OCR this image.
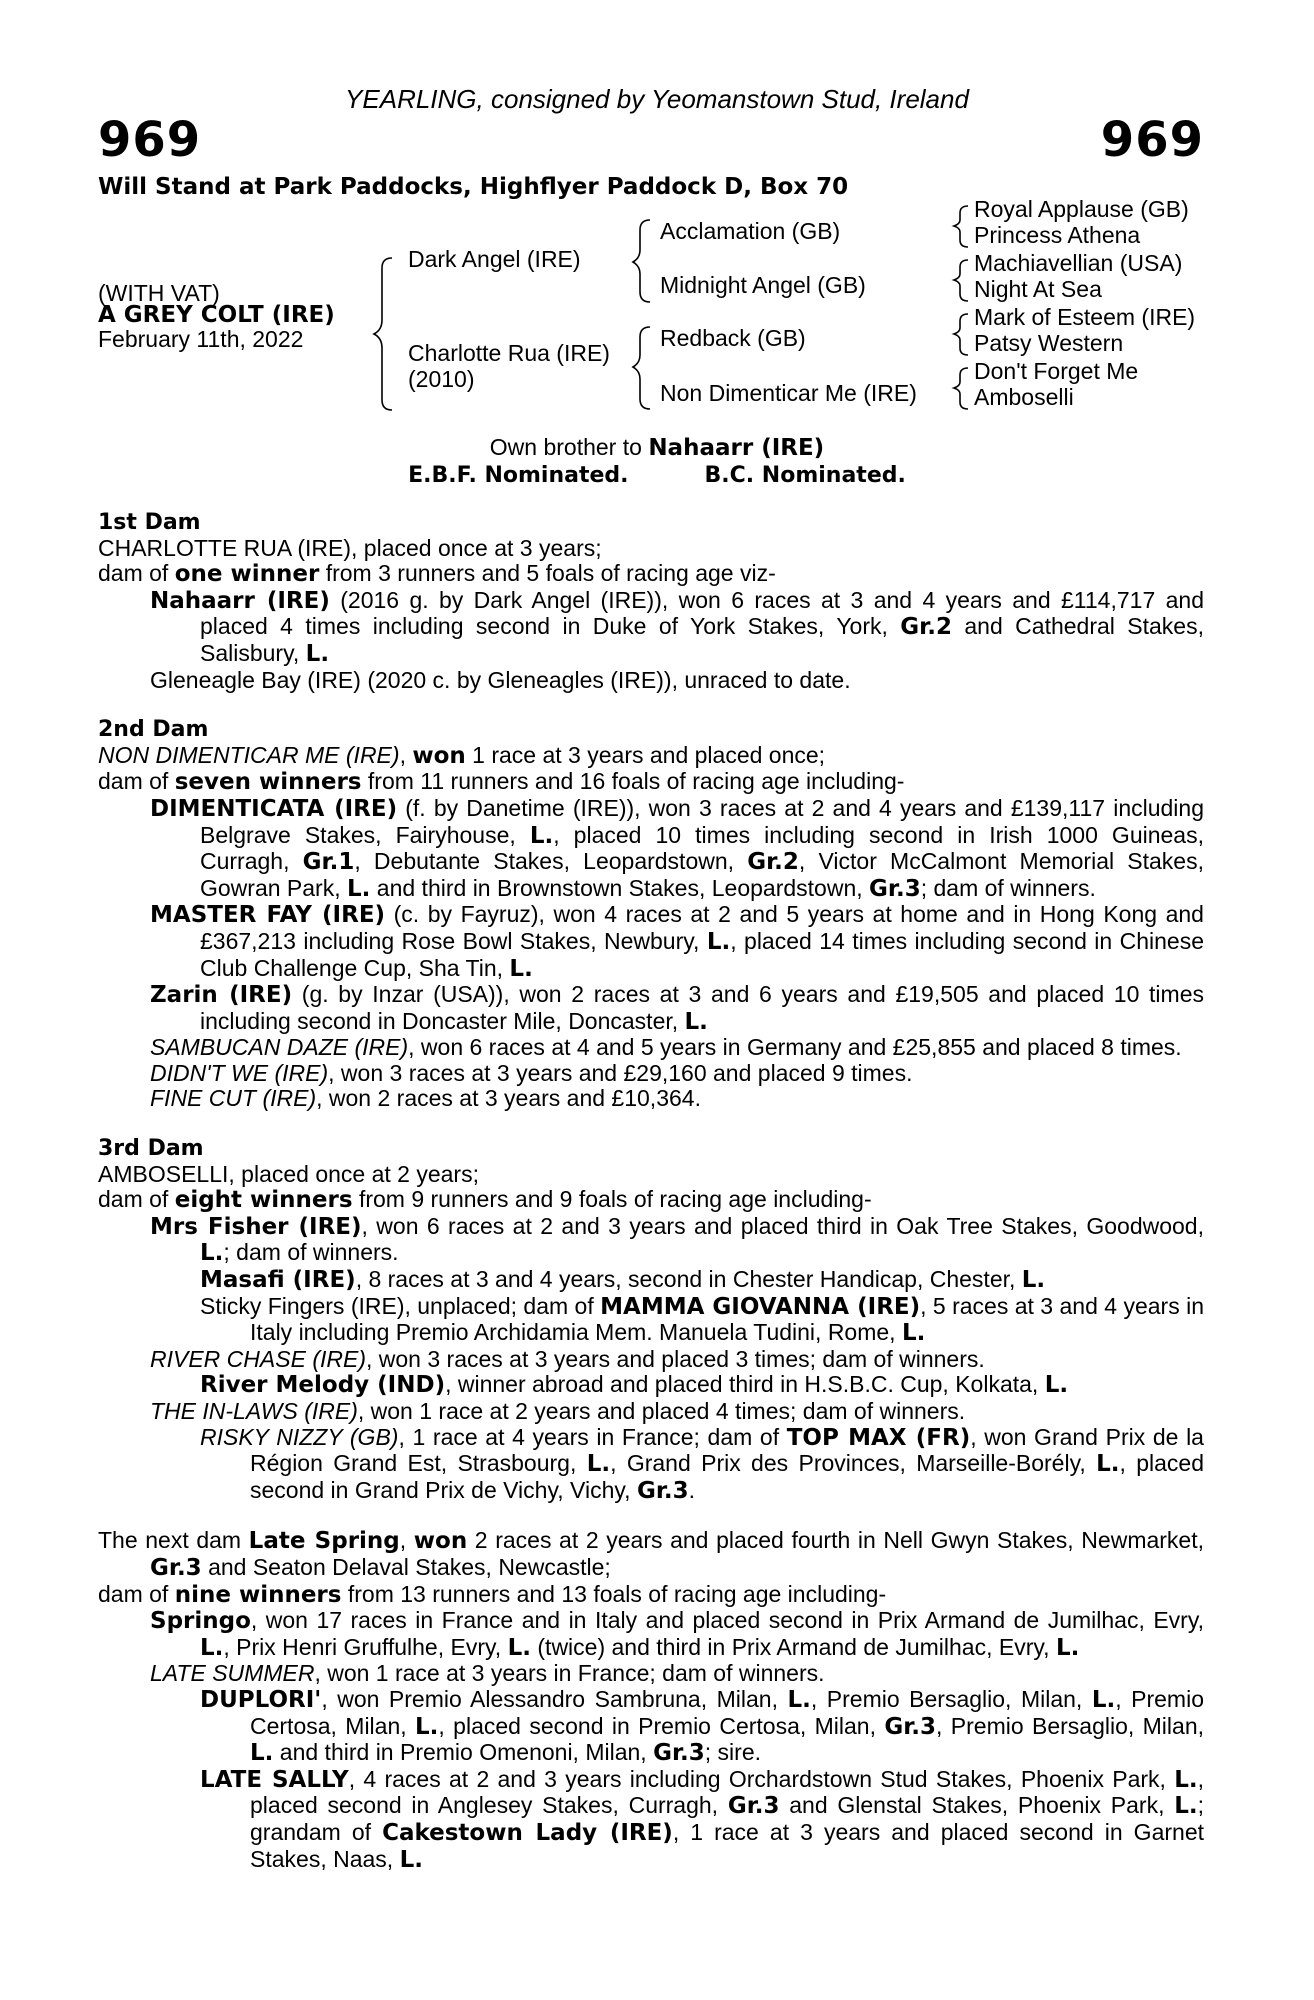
YEARLING, consigned by Yeomanstown Stud, Ireland
969	969
Will Stand at Park Paddocks, Highflyer Paddock D, Box 70
(WITH VAT)
A GREY COLT (IRE)
February 11th, 2022
Dark Angel (IRE)
Charlotte Rua (IRE)
(2010)
Acclamation (GB)
Midnight Angel (GB)
Redback (GB)
Non Dimenticar Me (IRE)
Royal Applause (GB)
Princess Athena
Machiavellian (USA)
Night At Sea
Mark of Esteem (IRE)
Patsy Western
Don't Forget Me
Amboselli
Own brother to Nahaarr (IRE)
E.B.F. Nominated.	B.C. Nominated.

1st Dam

CHARLOTTE RUA (IRE), placed once at 3 years;

dam of one winner from 3 runners and 5 foals of racing age viz-

Nahaarr (IRE) (2016 g. by Dark Angel (IRE)), won 6 races at 3 and 4 years and £114,717 and placed 4 times including second in Duke of York Stakes, York, Gr.2 and Cathedral Stakes, Salisbury, L.

Gleneagle Bay (IRE) (2020 c. by Gleneagles (IRE)), unraced to date.

2nd Dam

NON DIMENTICAR ME (IRE), won 1 race at 3 years and placed once;

dam of seven winners from 11 runners and 16 foals of racing age including-

DIMENTICATA (IRE) (f. by Danetime (IRE)), won 3 races at 2 and 4 years and £139,117 including Belgrave Stakes, Fairyhouse, L., placed 10 times including second in Irish 1000 Guineas, Curragh, Gr.1, Debutante Stakes, Leopardstown, Gr.2, Victor McCalmont Memorial Stakes, Gowran Park, L. and third in Brownstown Stakes, Leopardstown, Gr.3; dam of winners.

MASTER FAY (IRE) (c. by Fayruz), won 4 races at 2 and 5 years at home and in Hong Kong and £367,213 including Rose Bowl Stakes, Newbury, L., placed 14 times including second in Chinese Club Challenge Cup, Sha Tin, L.

Zarin (IRE) (g. by Inzar (USA)), won 2 races at 3 and 6 years and £19,505 and placed 10 times including second in Doncaster Mile, Doncaster, L.

SAMBUCAN DAZE (IRE), won 6 races at 4 and 5 years in Germany and £25,855 and placed 8 times.

DIDN'T WE (IRE), won 3 races at 3 years and £29,160 and placed 9 times.

FINE CUT (IRE), won 2 races at 3 years and £10,364.

3rd Dam

AMBOSELLI, placed once at 2 years;

dam of eight winners from 9 runners and 9 foals of racing age including-

Mrs Fisher (IRE), won 6 races at 2 and 3 years and placed third in Oak Tree Stakes, Goodwood, L.; dam of winners.

Masafi (IRE), 8 races at 3 and 4 years, second in Chester Handicap, Chester, L.

Sticky Fingers (IRE), unplaced; dam of MAMMA GIOVANNA (IRE), 5 races at 3 and 4 years in Italy including Premio Archidamia Mem. Manuela Tudini, Rome, L.

RIVER CHASE (IRE), won 3 races at 3 years and placed 3 times; dam of winners.

River Melody (IND), winner abroad and placed third in H.S.B.C. Cup, Kolkata, L.

THE IN-LAWS (IRE), won 1 race at 2 years and placed 4 times; dam of winners.

RISKY NIZZY (GB), 1 race at 4 years in France; dam of TOP MAX (FR), won Grand Prix de la Région Grand Est, Strasbourg, L., Grand Prix des Provinces, Marseille-Borély, L., placed second in Grand Prix de Vichy, Vichy, Gr.3.

The next dam Late Spring, won 2 races at 2 years and placed fourth in Nell Gwyn Stakes, Newmarket, Gr.3 and Seaton Delaval Stakes, Newcastle;

dam of nine winners from 13 runners and 13 foals of racing age including-

Springo, won 17 races in France and in Italy and placed second in Prix Armand de Jumilhac, Evry, L., Prix Henri Gruffulhe, Evry, L. (twice) and third in Prix Armand de Jumilhac, Evry, L.

LATE SUMMER, won 1 race at 3 years in France; dam of winners.

DUPLORI', won Premio Alessandro Sambruna, Milan, L., Premio Bersaglio, Milan, L., Premio Certosa, Milan, L., placed second in Premio Certosa, Milan, Gr.3, Premio Bersaglio, Milan, L. and third in Premio Omenoni, Milan, Gr.3; sire.

LATE SALLY, 4 races at 2 and 3 years including Orchardstown Stud Stakes, Phoenix Park, L., placed second in Anglesey Stakes, Curragh, Gr.3 and Glenstal Stakes, Phoenix Park, L.; grandam of Cakestown Lady (IRE), 1 race at 3 years and placed second in Garnet Stakes, Naas, L.
